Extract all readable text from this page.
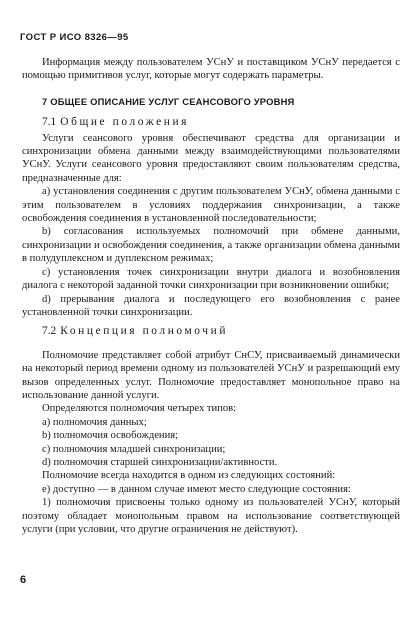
ГОСТ Р ИСО 8326—95

Информация между пользователем УСнУ и поставщиком УСнУ передается с помощью примитивов услуг, которые могут содержать параметры.

7 ОБЩЕЕ ОПИСАНИЕ УСЛУГ СЕАНСОВОГО УРОВНЯ
7.1 Общие положения

Услуги сеансового уровня обеспечивают средства для организации и синхронизации обмена данными между взаимодействующими пользователями УСнУ. Услуги сеансового уровня предоставляют своим пользователям средства, предназначенные для:

а) установления соединения с другим пользователем УСнУ, обмена данными с этим пользователем в условиях поддержания синхронизации, а также освобождения соединения в установленной последовательности;

b) согласования используемых полномочий при обмене данными, синхронизации и освобождения соединения, а также организации обмена данными в полудуплексном и дуплексном режимах;

c) установления точек синхронизации внутри диалога и возобновления диалога с некоторой заданной точки синхронизации при возникновении ошибки;

d) прерывания диалога и последующего его возобновления с ранее установленной точки синхронизации.

7.2 Концепция полномочий

Полномочие представляет собой атрибут СнСУ, присваиваемый динамически на некоторый период времени одному из пользователей УСнУ и разрешающий ему вызов определенных услуг. Полномочие предоставляет монопольное право на использование данной услуги.

Определяются полномочия четырех типов:

а) полномочия данных;

b) полномочия освобождения;

c) полномочия младшей синхронизации;

d) полномочия старшей синхронизации/активности.

Полномочие всегда находится в одном из следующих состояний:

е) доступно — в данном случае имеют место следующие состояния:

1) полномочия присвоены только одному из пользователей УСнУ, который поэтому обладает монопольным правом на использование соответствующей услуги (при условии, что другие ограничения не действуют).

6
